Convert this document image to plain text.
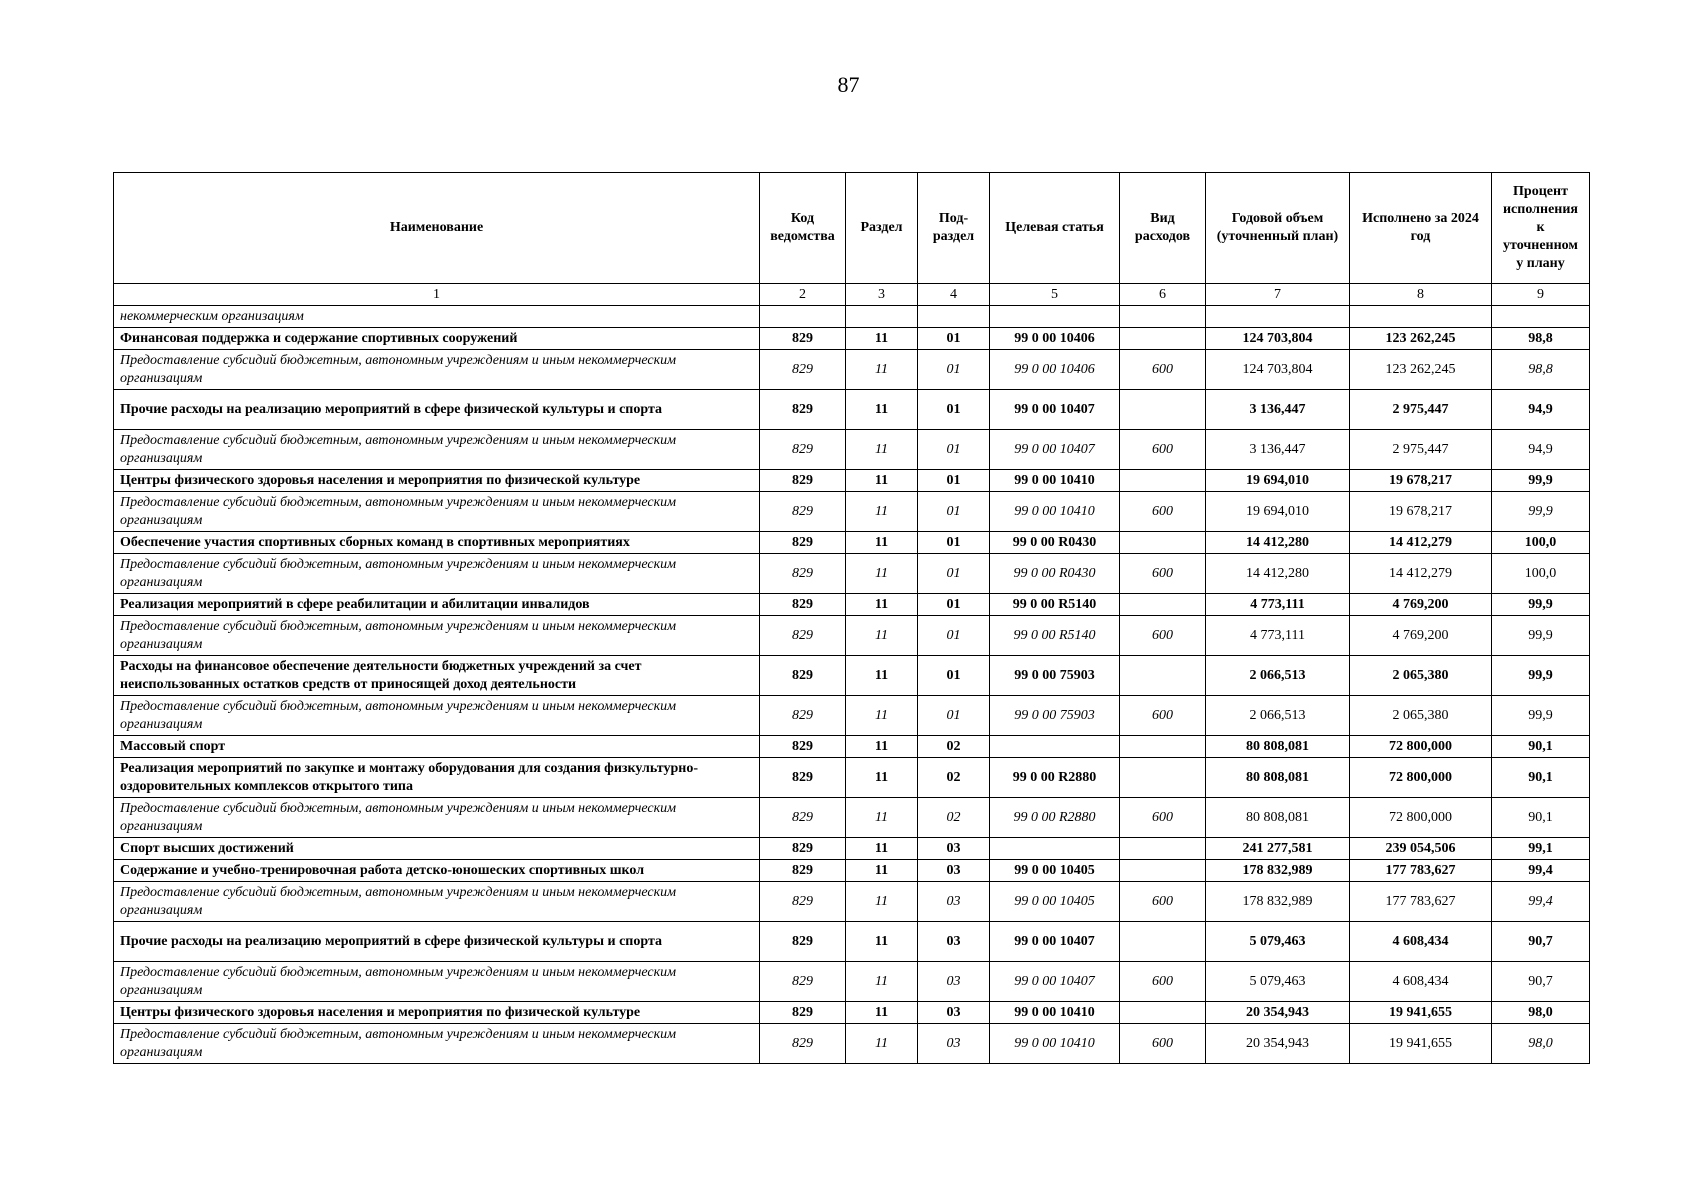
87
Наименование	Код ведомства	Раздел	Под-раздел	Целевая статья	Вид расходов	Годовой объем (уточненный план)	Исполнено за 2024 год	Процент исполнения к уточненном у плану
1	2	3	4	5	6	7	8	9
некоммерческим организациям								
Финансовая поддержка и содержание спортивных сооружений	829	11	01	99 0 00 10406		124 703,804	123 262,245	98,8
Предоставление субсидий бюджетным, автономным учреждениям и иным некоммерческим организациям	829	11	01	99 0 00 10406	600	124 703,804	123 262,245	98,8
Прочие расходы на реализацию мероприятий в сфере физической культуры и спорта	829	11	01	99 0 00 10407		3 136,447	2 975,447	94,9
Предоставление субсидий бюджетным, автономным учреждениям и иным некоммерческим организациям	829	11	01	99 0 00 10407	600	3 136,447	2 975,447	94,9
Центры физического здоровья населения и мероприятия по физической культуре	829	11	01	99 0 00 10410		19 694,010	19 678,217	99,9
Предоставление субсидий бюджетным, автономным учреждениям и иным некоммерческим организациям	829	11	01	99 0 00 10410	600	19 694,010	19 678,217	99,9
Обеспечение участия спортивных сборных команд в спортивных мероприятиях	829	11	01	99 0 00 R0430		14 412,280	14 412,279	100,0
Предоставление субсидий бюджетным, автономным учреждениям и иным некоммерческим организациям	829	11	01	99 0 00 R0430	600	14 412,280	14 412,279	100,0
Реализация мероприятий в сфере реабилитации и абилитации инвалидов	829	11	01	99 0 00 R5140		4 773,111	4 769,200	99,9
Предоставление субсидий бюджетным, автономным учреждениям и иным некоммерческим организациям	829	11	01	99 0 00 R5140	600	4 773,111	4 769,200	99,9
Расходы на финансовое обеспечение деятельности бюджетных учреждений за счет неиспользованных остатков средств от приносящей доход деятельности	829	11	01	99 0 00 75903		2 066,513	2 065,380	99,9
Предоставление субсидий бюджетным, автономным учреждениям и иным некоммерческим организациям	829	11	01	99 0 00 75903	600	2 066,513	2 065,380	99,9
Массовый спорт	829	11	02			80 808,081	72 800,000	90,1
Реализация мероприятий по закупке и монтажу оборудования для создания физкультурно-оздоровительных комплексов открытого типа	829	11	02	99 0 00 R2880		80 808,081	72 800,000	90,1
Предоставление субсидий бюджетным, автономным учреждениям и иным некоммерческим организациям	829	11	02	99 0 00 R2880	600	80 808,081	72 800,000	90,1
Спорт высших достижений	829	11	03			241 277,581	239 054,506	99,1
Содержание и учебно-тренировочная работа детско-юношеских спортивных школ	829	11	03	99 0 00 10405		178 832,989	177 783,627	99,4
Предоставление субсидий бюджетным, автономным учреждениям и иным некоммерческим организациям	829	11	03	99 0 00 10405	600	178 832,989	177 783,627	99,4
Прочие расходы на реализацию мероприятий в сфере физической культуры и спорта	829	11	03	99 0 00 10407		5 079,463	4 608,434	90,7
Предоставление субсидий бюджетным, автономным учреждениям и иным некоммерческим организациям	829	11	03	99 0 00 10407	600	5 079,463	4 608,434	90,7
Центры физического здоровья населения и мероприятия по физической культуре	829	11	03	99 0 00 10410		20 354,943	19 941,655	98,0
Предоставление субсидий бюджетным, автономным учреждениям и иным некоммерческим организациям	829	11	03	99 0 00 10410	600	20 354,943	19 941,655	98,0
